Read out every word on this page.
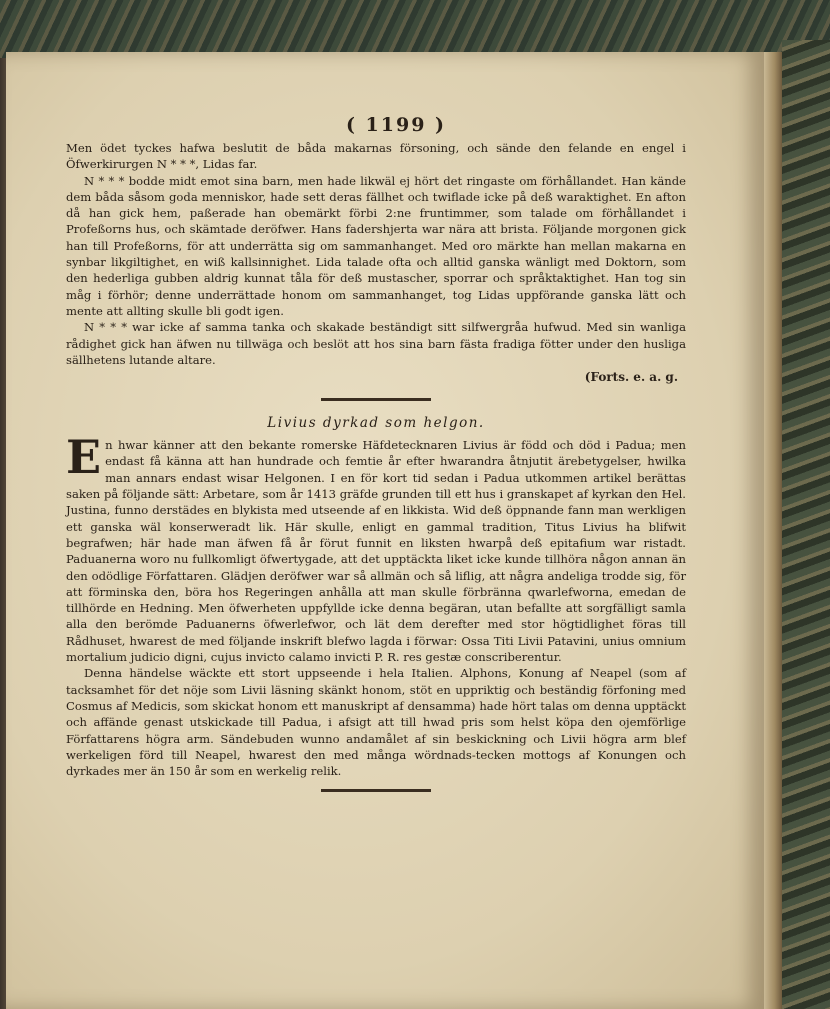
( 1199 )

Men ödet tyckes hafwa beslutit de båda makarnas försoning, och sände den felande en engel i Öfwerkirurgen N * * *, Lidas far.

N * * * bodde midt emot sina barn, men hade likwäl ej hört det ringaste om förhållandet. Han kände dem båda såsom goda menniskor, hade sett deras fällhet och twiflade icke på deß waraktighet. En afton då han gick hem, paßerade han obemärkt förbi 2:ne fruntimmer, som talade om förhållandet i Profeßorns hus, och skämtade deröfwer. Hans fadershjerta war nära att brista. Följande morgonen gick han till Profeßorns, för att underrätta sig om sammanhanget. Med oro märkte han mellan makarna en synbar likgiltighet, en wiß kallsinnighet. Lida talade ofta och alltid ganska wänligt med Doktorn, som den hederliga gubben aldrig kunnat tåla för deß mustascher, sporrar och språktaktighet. Han tog sin måg i förhör; denne underrättade honom om sammanhanget, tog Lidas uppförande ganska lätt och mente att allting skulle bli godt igen.

N * * * war icke af samma tanka och skakade beständigt sitt silfwergråa hufwud. Med sin wanliga rådighet gick han äfwen nu tillwäga och beslöt att hos sina barn fästa fradiga fötter under den husliga sällhetens lutande altare.

(Forts. e. a. g.
Livius dyrkad som helgon.

E n hwar känner att den bekante romerske Häfdetecknaren Livius är född och död i Padua; men endast få känna att han hundrade och femtie år efter hwarandra åtnjutit ärebetygelser, hwilka man annars endast wisar Helgonen. I en för kort tid sedan i Padua utkommen artikel berättas saken på följande sätt: Arbetare, som år 1413 gräfde grunden till ett hus i granskapet af kyrkan den Hel. Justina, funno derstädes en blykista med utseende af en likkista. Wid deß öppnande fann man werkligen ett ganska wäl konserweradt lik. Här skulle, enligt en gammal tradition, Titus Livius ha blifwit begrafwen; här hade man äfwen få år förut funnit en liksten hwarpå deß epitafium war ristadt. Paduanerna woro nu fullkomligt öfwertygade, att det upptäckta liket icke kunde tillhöra någon annan än den odödlige Författaren. Glädjen deröfwer war så allmän och så liflig, att några andeliga trodde sig, för att förminska den, böra hos Regeringen anhålla att man skulle förbränna qwarlefworna, emedan de tillhörde en Hedning. Men öfwerheten uppfyllde icke denna begäran, utan befallte att sorgfälligt samla alla den berömde Paduanerns öfwerlefwor, och lät dem derefter med stor högtidlighet föras till Rådhuset, hwarest de med följande inskrift blefwo lagda i förwar: Ossa Titi Livii Patavini, unius omnium mortalium judicio digni, cujus invicto calamo invicti P. R. res gestæ conscriberentur.

Denna händelse wäckte ett stort uppseende i hela Italien. Alphons, Konung af Neapel (som af tacksamhet för det nöje som Livii läsning skänkt honom, stöt en uppriktig och beständig förfoning med Cosmus af Medicis, som skickat honom ett manuskript af densamma) hade hört talas om denna upptäckt och affände genast utskickade till Padua, i afsigt att till hwad pris som helst köpa den ojemförlige Författarens högra arm. Sändebuden wunno andamålet af sin beskickning och Livii högra arm blef werkeligen förd till Neapel, hwarest den med många wördnads-tecken mottogs af Konungen och dyrkades mer än 150 år som en werkelig relik.
